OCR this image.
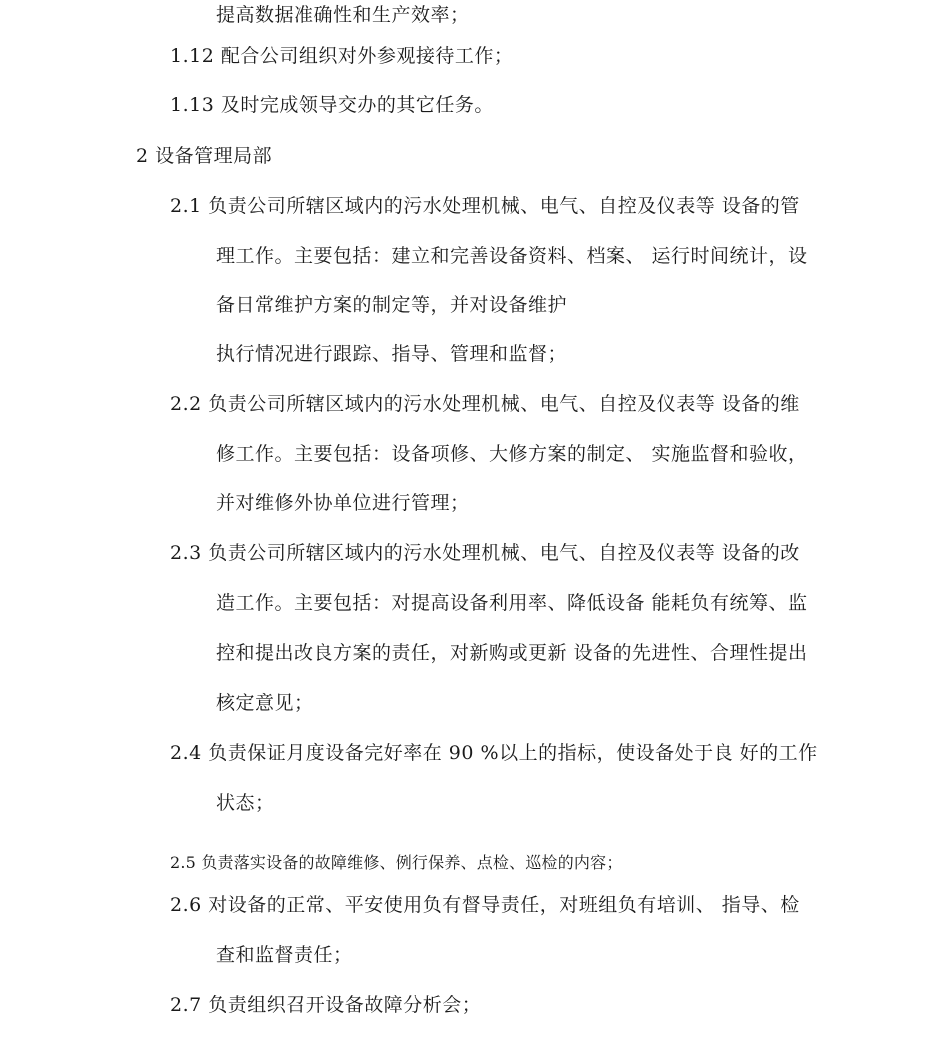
提高数据准确性和生产效率；
1.12 配合公司组织对外参观接待工作；
1.13 及时完成领导交办的其它任务。
2 设备管理局部
2.1 负责公司所辖区域内的污水处理机械、电气、自控及仪表等 设备的管
理工作。主要包括：建立和完善设备资料、档案、 运行时间统计，设
备日常维护方案的制定等，并对设备维护
执行情况进行跟踪、指导、管理和监督；
2.2 负责公司所辖区域内的污水处理机械、电气、自控及仪表等 设备的维
修工作。主要包括：设备项修、大修方案的制定、 实施监督和验收，
并对维修外协单位进行管理；
2.3 负责公司所辖区域内的污水处理机械、电气、自控及仪表等 设备的改
造工作。主要包括：对提高设备利用率、降低设备 能耗负有统筹、监
控和提出改良方案的责任，对新购或更新 设备的先进性、合理性提出
核定意见；
2.4 负责保证月度设备完好率在 90 %以上的指标，使设备处于良 好的工作
状态；
2.5 负责落实设备的故障维修、例行保养、点检、巡检的内容；
2.6 对设备的正常、平安使用负有督导责任，对班组负有培训、 指导、检
查和监督责任；
2.7 负责组织召开设备故障分析会；
